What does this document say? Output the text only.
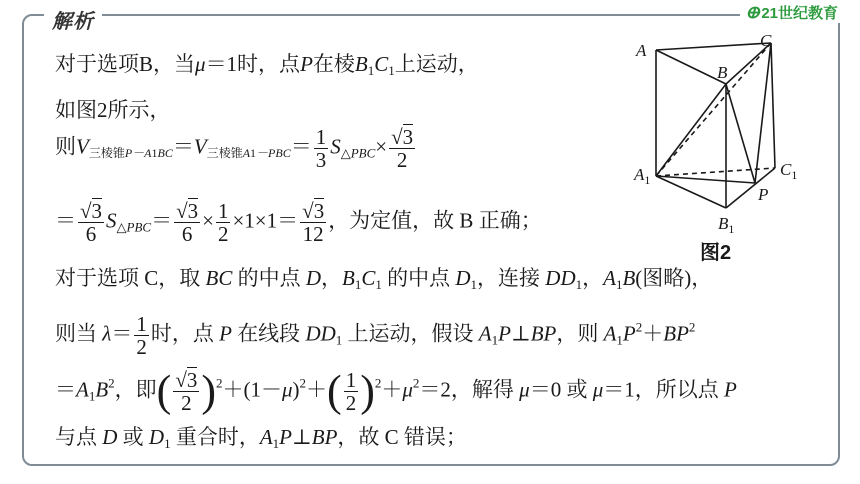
解析	ⴲ 21世纪教育
对于选项B，当μ＝1时，点P在棱$B_1C_1$上运动，
如图2所示，
则$V_{三棱锥P-A1BC}=V_{三棱锥A1-PBC}= \frac{1}{3} S_{\triangle PBC}\times \frac{√3}{2}$
＝ $\frac{√3}{6} S_{\triangle PBC}= \frac{√3}{6} \times \frac{1}{2} \times 1\times 1= \frac{√3}{12}$ ，为定值，故 B 正确；
对于选项 C，取 BC 的中点 D，$B_1C_1$ 的中点 $D_1$，连接 $DD_1$，$A_1B$(图略)，
则当 $\lambda= \frac{1}{2}$ 时，点 P 在线段 $DD_1$ 上运动，假设 $A_1P\perp BP$，则 $A_1P^2+BP^2$
$=A_1B^2$，即( $\frac{√3}{2} )^2+(1-\mu)^2+( \frac{1}{2} )^2+\mu^2=2$，解得 μ＝0 或 μ＝1，所以点 P
与点 D 或 $D_1$ 重合时，$A_1P\perp BP$，故 C 错误；
A
B
C
$A_1$
$B_1$
$C_1$
P
图2
